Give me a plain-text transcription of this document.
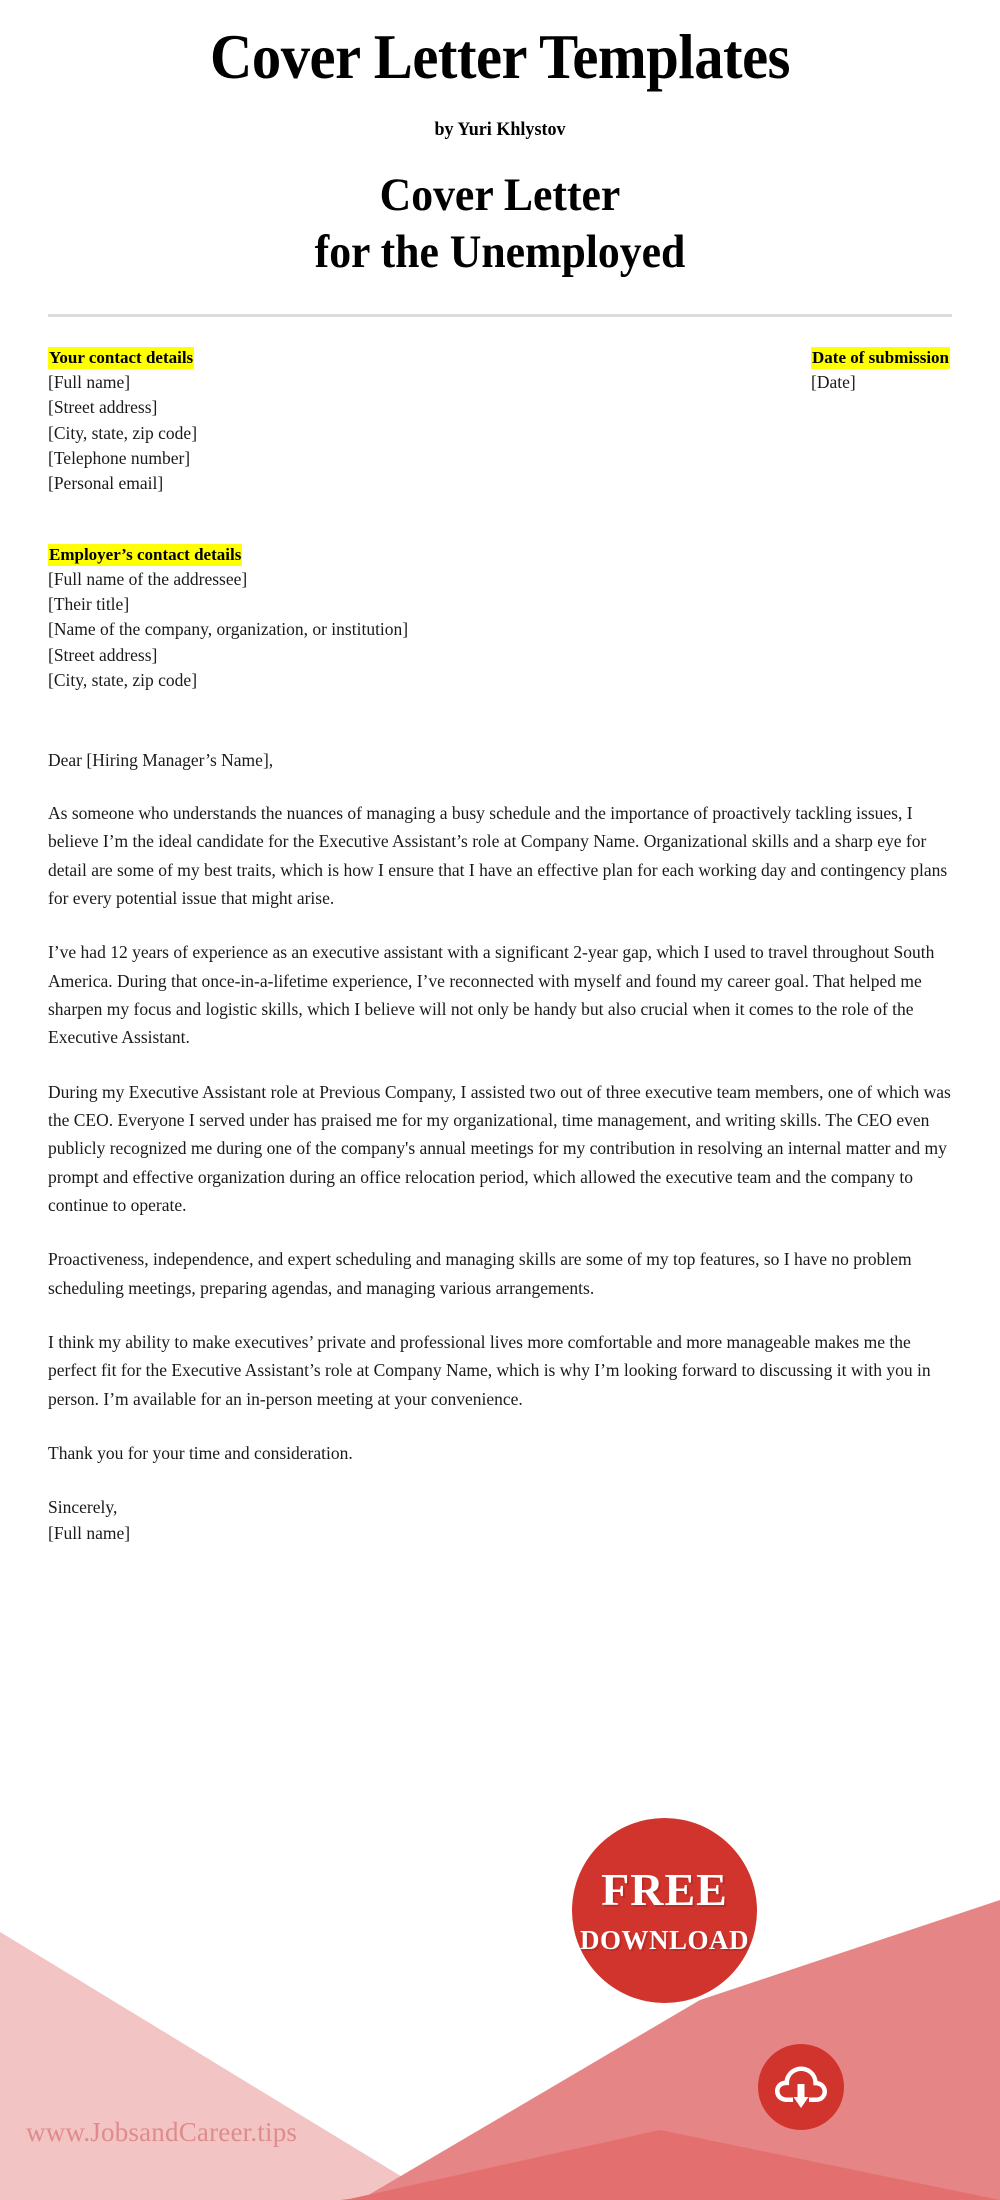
Cover Letter Templates
by Yuri Khlystov
Cover Letter
for the Unemployed
Your contact details
[Full name]
[Street address]
[City, state, zip code]
[Telephone number]
[Personal email]
Date of submission
[Date]
Employer’s contact details
[Full name of the addressee]
[Their title]
[Name of the company, organization, or institution]
[Street address]
[City, state, zip code]
Dear [Hiring Manager’s Name],

As someone who understands the nuances of managing a busy schedule and the importance of proactively tackling issues, I believe I’m the ideal candidate for the Executive Assistant’s role at Company Name. Organizational skills and a sharp eye for detail are some of my best traits, which is how I ensure that I have an effective plan for each working day and contingency plans for every potential issue that might arise.

I’ve had 12 years of experience as an executive assistant with a significant 2-year gap, which I used to travel throughout South America. During that once-in-a-lifetime experience, I’ve reconnected with myself and found my career goal. That helped me sharpen my focus and logistic skills, which I believe will not only be handy but also crucial when it comes to the role of the Executive Assistant.

During my Executive Assistant role at Previous Company, I assisted two out of three executive team members, one of which was the CEO. Everyone I served under has praised me for my organizational, time management, and writing skills. The CEO even publicly recognized me during one of the company's annual meetings for my contribution in resolving an internal matter and my prompt and effective organization during an office relocation period, which allowed the executive team and the company to continue to operate.

Proactiveness, independence, and expert scheduling and managing skills are some of my top features, so I have no problem scheduling meetings, preparing agendas, and managing various arrangements.

I think my ability to make executives’ private and professional lives more comfortable and more manageable makes me the perfect fit for the Executive Assistant’s role at Company Name, which is why I’m looking forward to discussing it with you in person. I’m available for an in-person meeting at your convenience.

Thank you for your time and consideration.

Sincerely,
[Full name]
www.JobsandCareer.tips
FREE
DOWNLOAD
